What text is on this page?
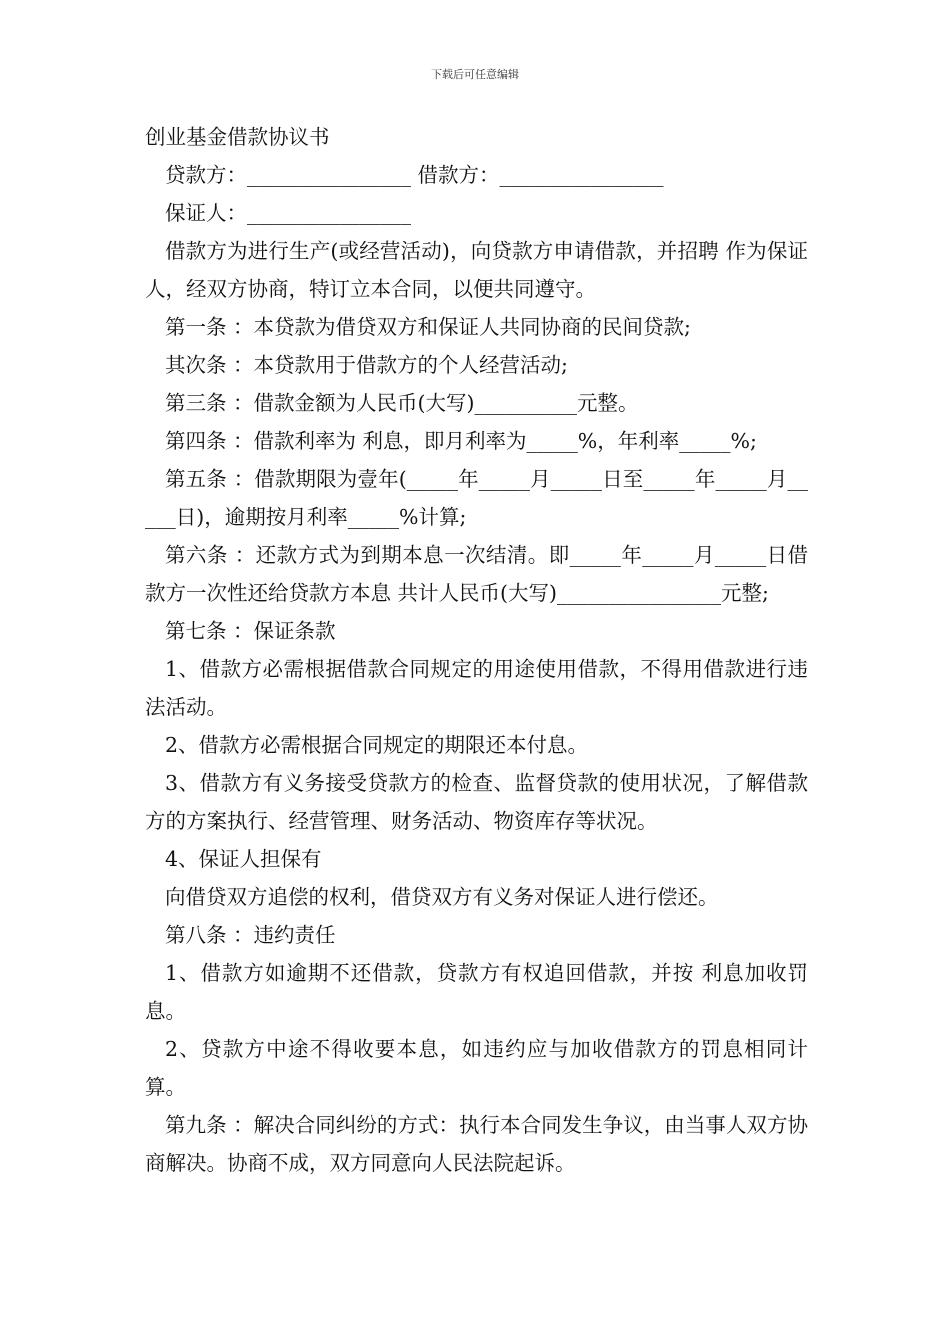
下载后可任意编辑
创业基金借款协议书

贷款方：________________ 借款方：________________

保证人：________________

借款方为进行生产(或经营活动)，向贷款方申请借款，并招聘 作为保证人，经双方协商，特订立本合同，以便共同遵守。

第一条 ：本贷款为借贷双方和保证人共同协商的民间贷款;

其次条 ：本贷款用于借款方的个人经营活动;

第三条 ：借款金额为人民币(大写)__________元整。

第四条 ：借款利率为 利息，即月利率为_____%，年利率_____%;

第五条 ：借款期限为壹年(_____年_____月_____日至_____年_____月_____日)，逾期按月利率_____%计算;

第六条 ：还款方式为到期本息一次结清。即_____年_____月_____日借款方一次性还给贷款方本息 共计人民币(大写)________________元整;

第七条 ：保证条款

1、借款方必需根据借款合同规定的用途使用借款，不得用借款进行违法活动。

2、借款方必需根据合同规定的期限还本付息。

3、借款方有义务接受贷款方的检查、监督贷款的使用状况，了解借款方的方案执行、经营管理、财务活动、物资库存等状况。

4、保证人担保有

向借贷双方追偿的权利，借贷双方有义务对保证人进行偿还。

第八条 ：违约责任

1、借款方如逾期不还借款，贷款方有权追回借款，并按 利息加收罚息。

2、贷款方中途不得收要本息，如违约应与加收借款方的罚息相同计算。

第九条 ：解决合同纠纷的方式：执行本合同发生争议，由当事人双方协商解决。协商不成，双方同意向人民法院起诉。
